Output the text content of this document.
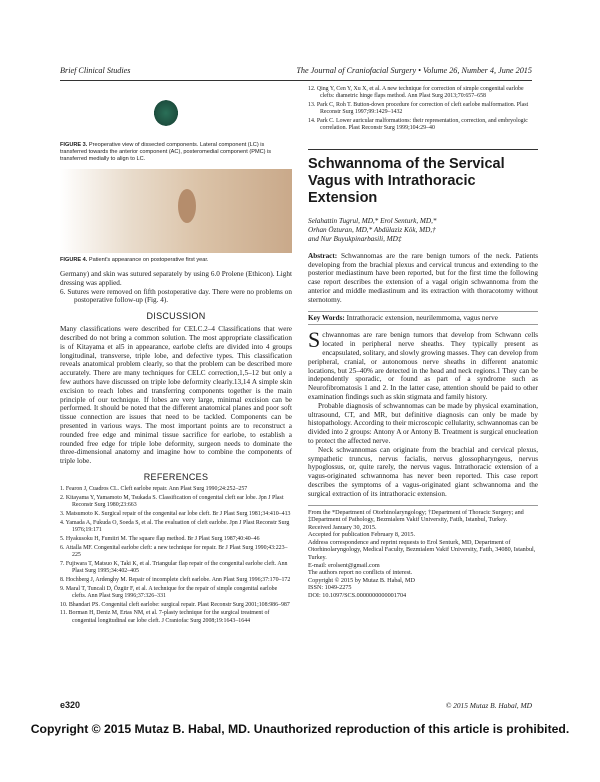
Brief Clinical Studies	The Journal of Craniofacial Surgery • Volume 26, Number 4, June 2015
FIGURE 3. Preoperative view of dissected components. Lateral component (LC) is transferred towards the anterior component (AC), posteromedial component (PMC) is transferred medially to align to LC.
FIGURE 4. Patient's appearance on postoperative first year.

Germany) and skin was sutured separately by using 6.0 Prolene (Ethicon). Light dressing was applied.

6. Sutures were removed on fifth postoperative day. There were no problems on postoperative follow-up (Fig. 4).
DISCUSSION

Many classifications were described for CELC.2–4 Classifications that were described do not bring a common solution. The most appropriate classification is of Kitayama et al5 in appearance, earlobe clefts are divided into 4 groups longitudinal, transverse, triple lobe, and defective types. This classification reveals anatomical problem clearly, so that the problem can be described more accurately. There are many techniques for CELC correction,1,5–12 but only a few authors have discussed on triple lobe deformity clearly.13,14 A simple skin excision to reach lobes and transferring components together is the main principle of our technique. If lobes are very large, minimal excision can be performed. It should be noted that the different anatomical planes and poor soft tissue connection are issues that need to be tackled. Components can be presented in various ways. The most important points are to reconstruct a rounded free edge and minimal tissue sacrifice for earlobe, to establish a rounded free edge for triple lobe deformity, surgeon needs to dominate the three-dimensional anatomy and imagine how to combine the components of triple lobe.

REFERENCES
1. Fearon J, Cuadros CL. Cleft earlobe repair. Ann Plast Surg 1990;24:252–257
2. Kitayama Y, Yamamoto M, Tsukada S. Classification of congenital cleft ear lobe. Jpn J Plast Reconstr Surg 1980;23:663
3. Matsumoto K. Surgical repair of the congenital ear lobe cleft. Br J Plast Surg 1981;34:410–413
4. Yamada A, Fukuda O, Soeda S, et al. The evaluation of cleft earlobe. Jpn J Plast Reconstr Surg 1976;19:171
5. Hyakusoku H, Fumiiri M. The square flap method. Br J Plast Surg 1987;40:40–46
6. Attalla MF. Congenital earlobe cleft: a new technique for repair. Br J Plast Surg 1990;43:223–225
7. Fujiwara T, Matsuo K, Taki K, et al. Triangular flap repair of the congenital earlobe cleft. Ann Plast Surg 1995;34:402–405
8. Hochberg J, Ardenghy M. Repair of incomplete cleft earlobe. Ann Plast Surg 1996;37:170–172
9. Maral T, Tuncali D, Özgür F, et al. A technique for the repair of simple congenital earlobe clefts. Ann Plast Surg 1996;37:326–331
10. Bhandari PS. Congenital cleft earlobe: surgical repair. Plast Reconstr Surg 2001;108:986–987
11. Borman H, Deniz M, Ertas NM, et al. 7-plasty technique for the surgical treatment of congenital longitudinal ear lobe cleft. J Craniofac Surg 2008;19:1643–1644
12. Qing Y, Cen Y, Xu X, et al. A new technique for correction of simple congenital earlobe clefts: diametric hinge flaps method. Ann Plast Surg 2013;70:657–658
13. Park C, Roh T. Button-down procedure for correction of cleft earlobe malformation. Plast Reconstr Surg 1997;99:1429–1432
14. Park C. Lower auricular malformations: their representation, correction, and embryologic correlation. Plast Reconstr Surg 1999;104:29–40
Schwannoma of the Servical Vagus with Intrathoracic Extension
Selahattin Tugrul, MD,* Erol Senturk, MD,*
Orhan Özturan, MD,* Abdülaziz Kök, MD,†
and Nur Buyukpinarbasili, MD‡

Abstract: Schwannomas are the rare benign tumors of the neck. Patients developing from the brachial plexus and cervical truncus and extending to the posterior mediastinum have been reported, but for the first time the following case report describes the extension of a vagal origin schwannoma from the anterior and middle mediastinum and its extraction with thoracotomy without sternotomy.

Key Words: Intrathoracic extension, neurilemmoma, vagus nerve

Schwannomas are rare benign tumors that develop from Schwann cells located in peripheral nerve sheaths. They typically present as encapsulated, solitary, and slowly growing masses. They can develop from peripheral, cranial, or autonomous nerve sheaths in different anatomic locations, but 25–40% are detected in the head and neck regions.1 They can be independently sporadic, or found as part of a syndrome such as Neurofibromatosis 1 and 2. In the latter case, attention should be paid to other examination findings such as skin stigmata and family history.

Probable diagnosis of schwannomas can be made by physical examination, ultrasound, CT, and MR, but definitive diagnosis can only be made by histopathology. According to their microscopic cellularity, schwannomas can be divided into 2 groups: Antony A or Antony B. Treatment is surgical enucleation to protect the affected nerve.

Neck schwannomas can originate from the brachial and cervical plexus, sympathetic truncus, nervus facialis, nervus glossopharyngeus, nervus hypoglossus, or, quite rarely, the nervus vagus. Intrathoracic extension of a vagus-originated schwannoma has never been reported. This case report describes the symptoms of a vagus-originated giant schwannoma and the surgical extraction of its intrathoracic extension.

From the *Department of Otorhinolaryngology; †Department of Thoracic Surgery; and ‡Department of Pathology, Bezmialem Vakif University, Fatih, Istanbul, Turkey.
Received January 30, 2015.
Accepted for publication February 8, 2015.
Address correspondence and reprint requests to Erol Senturk, MD, Department of Otorhinolaryngology, Medical Faculty, Bezmialem Vakif University, Fatih, 34080, Istanbul, Turkey.
E-mail: erolsent@gmail.com
The authors report no conflicts of interest.
Copyright © 2015 by Mutaz B. Habal, MD
ISSN: 1049-2275
DOI: 10.1097/SCS.0000000000001704
e320	© 2015 Mutaz B. Habal, MD
Copyright © 2015 Mutaz B. Habal, MD. Unauthorized reproduction of this article is prohibited.
